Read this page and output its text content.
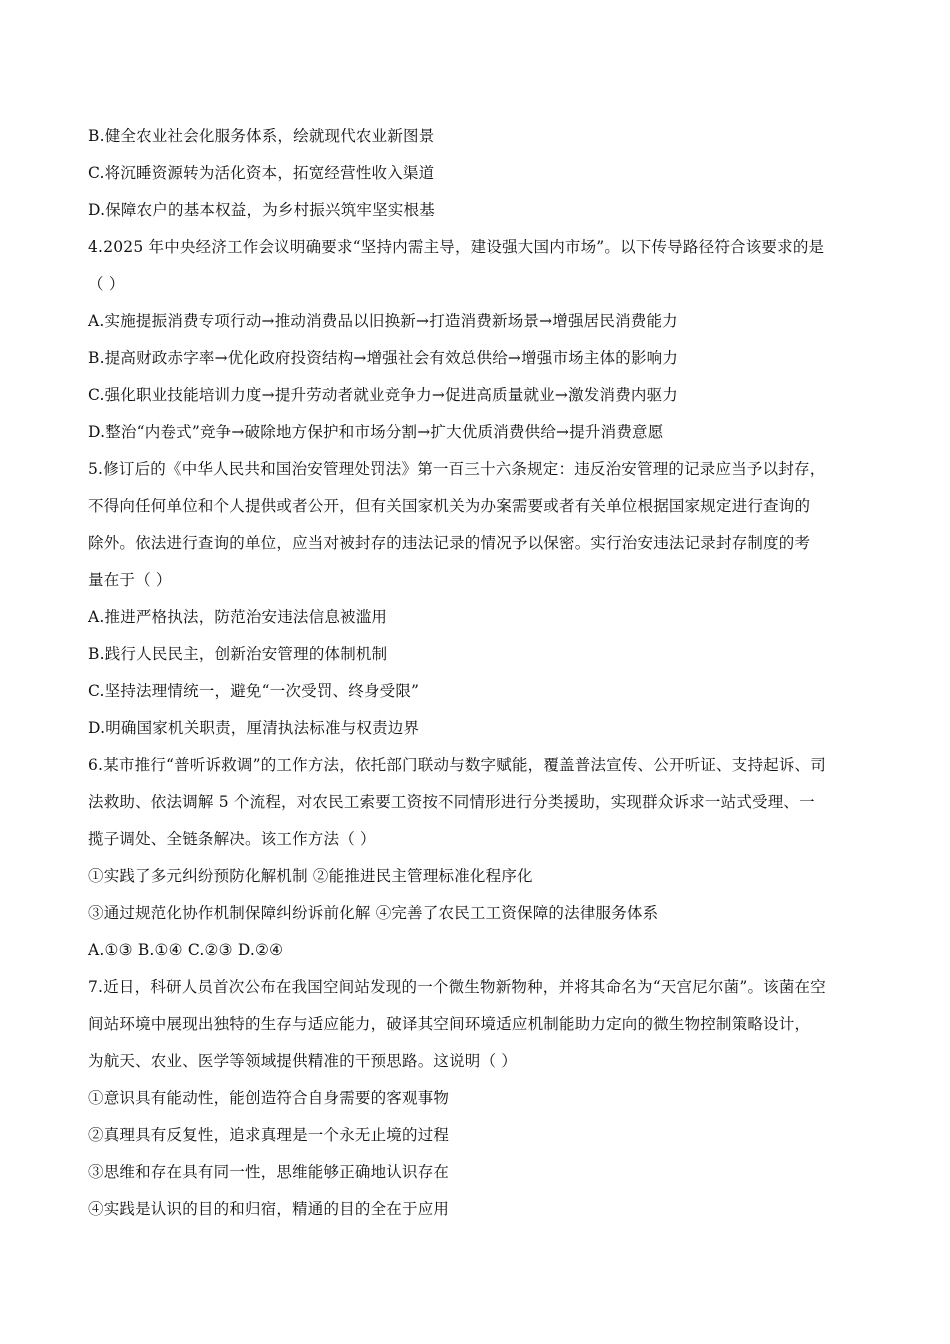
B.健全农业社会化服务体系，绘就现代农业新图景
C.将沉睡资源转为活化资本，拓宽经营性收入渠道
D.保障农户的基本权益，为乡村振兴筑牢坚实根基
4.2025 年中央经济工作会议明确要求“坚持内需主导，建设强大国内市场”。以下传导路径符合该要求的是
（ ）
A.实施提振消费专项行动→推动消费品以旧换新→打造消费新场景→增强居民消费能力
B.提高财政赤字率→优化政府投资结构→增强社会有效总供给→增强市场主体的影响力
C.强化职业技能培训力度→提升劳动者就业竞争力→促进高质量就业→激发消费内驱力
D.整治“内卷式”竞争→破除地方保护和市场分割→扩大优质消费供给→提升消费意愿
5.修订后的《中华人民共和国治安管理处罚法》第一百三十六条规定：违反治安管理的记录应当予以封存，
不得向任何单位和个人提供或者公开，但有关国家机关为办案需要或者有关单位根据国家规定进行查询的
除外。依法进行查询的单位，应当对被封存的违法记录的情况予以保密。实行治安违法记录封存制度的考
量在于（ ）
A.推进严格执法，防范治安违法信息被滥用
B.践行人民民主，创新治安管理的体制机制
C.坚持法理情统一，避免“一次受罚、终身受限”
D.明确国家机关职责，厘清执法标准与权责边界
6.某市推行“普听诉救调”的工作方法，依托部门联动与数字赋能，覆盖普法宣传、公开听证、支持起诉、司
法救助、依法调解 5 个流程，对农民工索要工资按不同情形进行分类援助，实现群众诉求一站式受理、一
揽子调处、全链条解决。该工作方法（ ）
①实践了多元纠纷预防化解机制 ②能推进民主管理标准化程序化
③通过规范化协作机制保障纠纷诉前化解 ④完善了农民工工资保障的法律服务体系
A.①③ B.①④ C.②③ D.②④
7.近日，科研人员首次公布在我国空间站发现的一个微生物新物种，并将其命名为“天宫尼尔菌”。该菌在空
间站环境中展现出独特的生存与适应能力，破译其空间环境适应机制能助力定向的微生物控制策略设计，
为航天、农业、医学等领域提供精准的干预思路。这说明（ ）
①意识具有能动性，能创造符合自身需要的客观事物
②真理具有反复性，追求真理是一个永无止境的过程
③思维和存在具有同一性，思维能够正确地认识存在
④实践是认识的目的和归宿，精通的目的全在于应用
